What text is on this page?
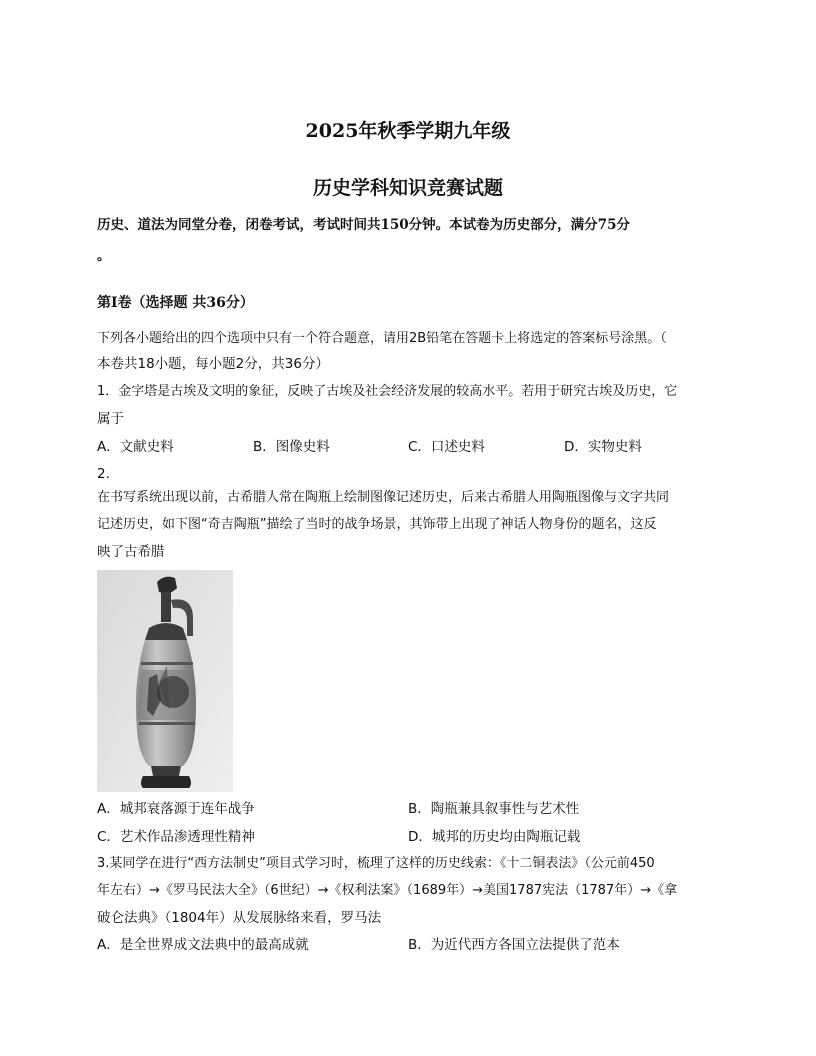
2025年秋季学期九年级
历史学科知识竞赛试题
历史、道法为同堂分卷，闭卷考试，考试时间共150分钟。本试卷为历史部分，满分75分
。
第Ⅰ卷（选择题 共36分）
下列各小题给出的四个选项中只有一个符合题意，请用2B铅笔在答题卡上将选定的答案标号涂黑。（
本卷共18小题，每小题2分，共36分）
1．金字塔是古埃及文明的象征，反映了古埃及社会经济发展的较高水平。若用于研究古埃及历史，它
属于
A．文献史料	B．图像史料	C．口述史料	D．实物史料
2.
在书写系统出现以前，古希腊人常在陶瓶上绘制图像记述历史，后来古希腊人用陶瓶图像与文字共同
记述历史，如下图“奇吉陶瓶”描绘了当时的战争场景，其饰带上出现了神话人物身份的题名，这反
映了古希腊
A．城邦衰落源于连年战争	B．陶瓶兼具叙事性与艺术性
C．艺术作品渗透理性精神	D．城邦的历史均由陶瓶记载
3.某同学在进行“西方法制史”项目式学习时，梳理了这样的历史线索：《十二铜表法》（公元前450
年左右）→《罗马民法大全》（6世纪）→《权利法案》（1689年）→美国1787宪法（1787年）→《拿
破仑法典》（1804年）从发展脉络来看，罗马法
A．是全世界成文法典中的最高成就	B．为近代西方各国立法提供了范本
